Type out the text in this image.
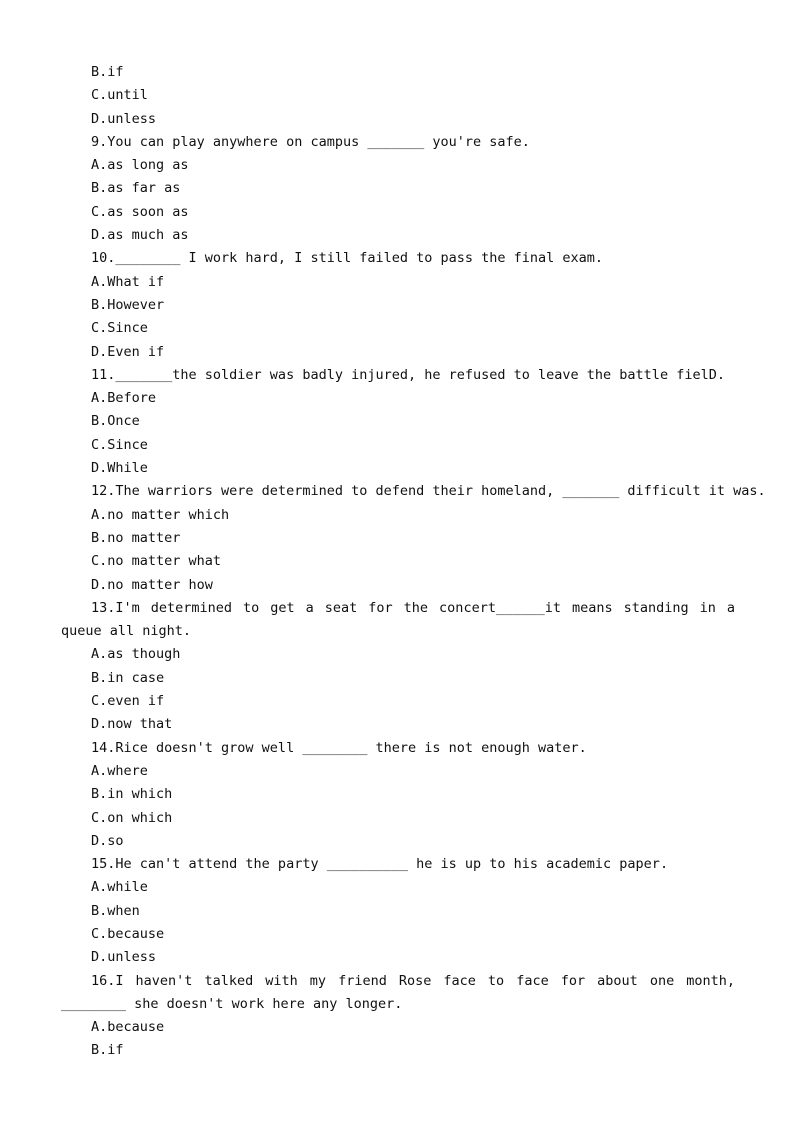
B.if

C.until

D.unless

9.You can play anywhere on campus _______ you're safe.

A.as long as

B.as far as

C.as soon as

D.as much as

10.________ I work hard, I still failed to pass the final exam.

A.What if

B.However

C.Since

D.Even if

11._______the soldier was badly injured, he refused to leave the battle fielD.

A.Before

B.Once

C.Since

D.While

12.The warriors were determined to defend their homeland, _______ difficult it was.

A.no matter which

B.no matter

C.no matter what

D.no matter how

13.I'm determined to get a seat for the concert______it means standing in a queue all night.

A.as though

B.in case

C.even if

D.now that

14.Rice doesn't grow well ________ there is not enough water.

A.where

B.in which

C.on which

D.so

15.He can't attend the party __________ he is up to his academic paper.

A.while

B.when

C.because

D.unless

16.I haven't talked with my friend Rose face to face for about one month, ________ she doesn't work here any longer.

A.because

B.if
